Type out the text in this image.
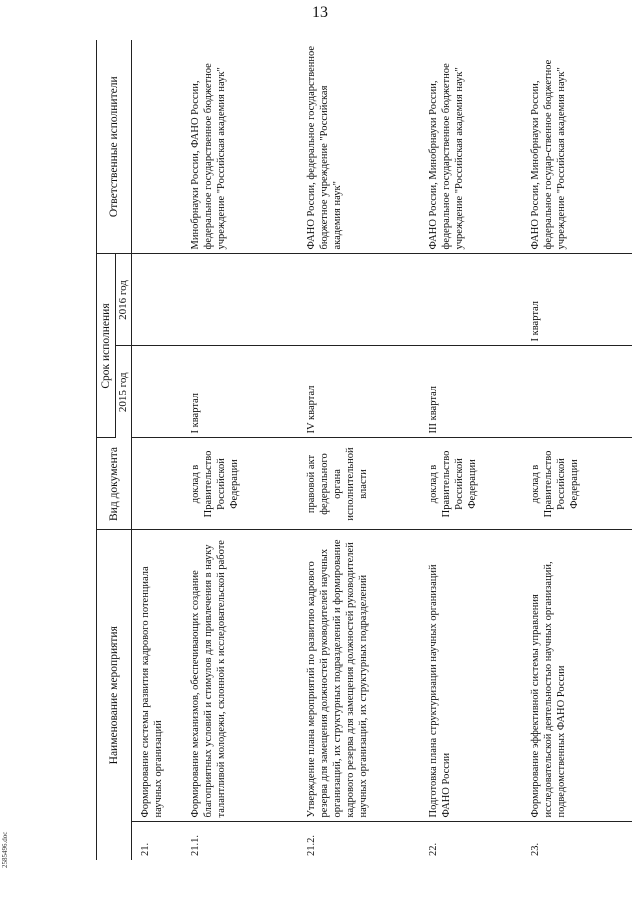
13
Наименование мероприятия		Вид документа	Срок исполнения		Ответственные исполнители
			2015 год	2016 год	
21.	Формирование системы развития кадрового потенциала научных организаций				
21.1.	Формирование механизмов, обеспечивающих создание благоприятных условий и стимулов для привлечения в науку талантливой молодежи, склонной к исследовательской работе	доклад в Правительство Российской Федерации	I квартал		Минобрнауки России, ФАНО России, федеральное государственное бюджетное учреждение "Российская академия наук"
21.2.	Утверждение плана мероприятий по развитию кадрового резерва для замещения должностей руководителей научных организаций, их структурных подразделений и формирование кадрового резерва для замещения должностей руководителей научных организаций, их структурных подразделений	правовой акт федерального органа исполнительной власти	IV квартал		ФАНО России, федеральное государственное бюджетное учреждение "Российская академия наук"
22.	Подготовка плана структуризации научных организаций ФАНО России	доклад в Правительство Российской Федерации	III квартал		ФАНО России, Минобрнауки России, федеральное государственное бюджетное учреждение "Российская академия наук"
23.	Формирование эффективной системы управления исследовательской деятельностью научных организаций, подведомственных ФАНО России	доклад в Правительство Российской Федерации		I квартал	ФАНО России, Минобрнауки России, федеральное государ-ственное бюджетное учреждение "Российская академия наук"
2585496.doc
